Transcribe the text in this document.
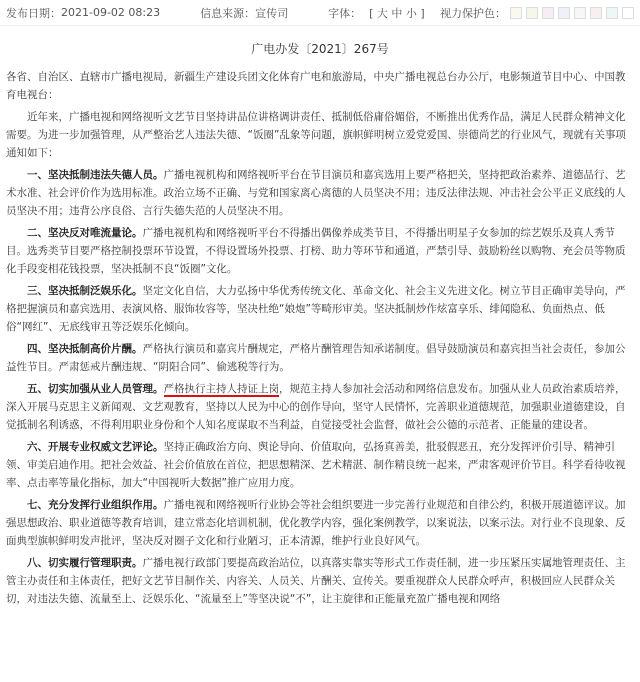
发布日期： 2021-09-02 08:23	信息来源： 宣传司	字体： [ 大 中 小 ] 视力保护色：
广电办发〔2021〕267号

各省、自治区、直辖市广播电视局，新疆生产建设兵团文化体育广电和旅游局，中央广播电视总台办公厅，电影频道节目中心、中国教育电视台：

近年来，广播电视和网络视听文艺节目坚持讲品位讲格调讲责任、抵制低俗庸俗媚俗，不断推出优秀作品，满足人民群众精神文化需要。为进一步加强管理，从严整治艺人违法失德、“饭圈”乱象等问题，旗帜鲜明树立爱党爱国、崇德尚艺的行业风气，现就有关事项通知如下：

一、坚决抵制违法失德人员。广播电视机构和网络视听平台在节目演员和嘉宾选用上要严格把关，坚持把政治素养、道德品行、艺术水准、社会评价作为选用标准。政治立场不正确、与党和国家离心离德的人员坚决不用；违反法律法规、冲击社会公平正义底线的人员坚决不用；违背公序良俗、言行失德失范的人员坚决不用。

二、坚决反对唯流量论。广播电视机构和网络视听平台不得播出偶像养成类节目，不得播出明星子女参加的综艺娱乐及真人秀节目。选秀类节目要严格控制投票环节设置，不得设置场外投票、打榜、助力等环节和通道，严禁引导、鼓励粉丝以购物、充会员等物质化手段变相花钱投票，坚决抵制不良“饭圈”文化。

三、坚决抵制泛娱乐化。坚定文化自信，大力弘扬中华优秀传统文化、革命文化、社会主义先进文化。树立节目正确审美导向，严格把握演员和嘉宾选用、表演风格、服饰妆容等，坚决杜绝“娘炮”等畸形审美。坚决抵制炒作炫富享乐、绯闻隐私、负面热点、低俗“网红”、无底线审丑等泛娱乐化倾向。

四、坚决抵制高价片酬。严格执行演员和嘉宾片酬规定，严格片酬管理告知承诺制度。倡导鼓励演员和嘉宾担当社会责任，参加公益性节目。严肃惩戒片酬违规、“阴阳合同”、偷逃税等行为。

五、切实加强从业人员管理。严格执行主持人持证上岗，规范主持人参加社会活动和网络信息发布。加强从业人员政治素质培养，深入开展马克思主义新闻观、文艺观教育，坚持以人民为中心的创作导向，坚守人民情怀，完善职业道德规范，加强职业道德建设，自觉抵制名利诱惑，不得利用职业身份和个人知名度谋取不当利益，自觉接受社会监督，做社会公德的示范者、正能量的建设者。

六、开展专业权威文艺评论。坚持正确政治方向、舆论导向、价值取向，弘扬真善美，批驳假恶丑，充分发挥评价引导、精神引领、审美启迪作用。把社会效益、社会价值放在首位，把思想精深、艺术精湛、制作精良统一起来，严肃客观评价节目。科学看待收视率、点击率等量化指标，加大“中国视听大数据”推广应用力度。

七、充分发挥行业组织作用。广播电视和网络视听行业协会等社会组织要进一步完善行业规范和自律公约，积极开展道德评议。加强思想政治、职业道德等教育培训，建立常态化培训机制，优化教学内容，强化案例教学，以案说法，以案示法。对行业不良现象、反面典型旗帜鲜明发声批评，坚决反对圈子文化和行业陋习，正本清源，维护行业良好风气。

八、切实履行管理职责。广播电视行政部门要提高政治站位，以真落实靠实等形式工作责任制，进一步压紧压实属地管理责任、主管主办责任和主体责任，把好文艺节目制作关、内容关、人员关、片酬关、宣传关。要重视群众人民群众呼声，积极回应人民群众关切，对违法失德、流量至上、泛娱乐化、“流量至上”等坚决说“不”，让主旋律和正能量充盈广播电视和网络
